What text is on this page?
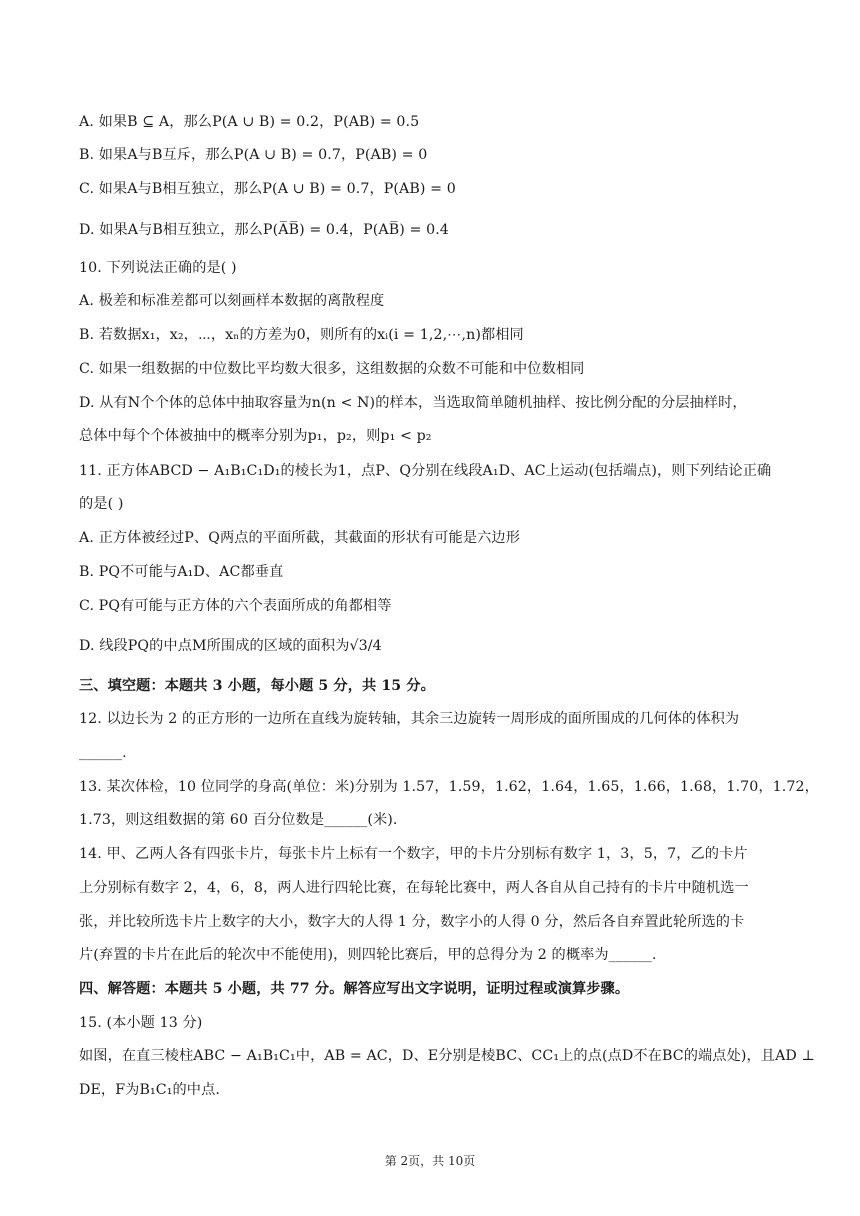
A. 如果B ⊆ A，那么P(A ∪ B) = 0.2，P(AB) = 0.5
B. 如果A与B互斥，那么P(A ∪ B) = 0.7，P(AB) = 0
C. 如果A与B相互独立，那么P(A ∪ B) = 0.7，P(AB) = 0
D. 如果A与B相互独立，那么P(A̅B̅) = 0.4，P(AB̅) = 0.4
10. 下列说法正确的是( )
A. 极差和标准差都可以刻画样本数据的离散程度
B. 若数据x₁，x₂，⋯，xₙ的方差为0，则所有的xᵢ(i = 1,2,⋯,n)都相同
C. 如果一组数据的中位数比平均数大很多，这组数据的众数不可能和中位数相同
D. 从有N个个体的总体中抽取容量为n(n < N)的样本，当选取简单随机抽样、按比例分配的分层抽样时，
总体中每个个体被抽中的概率分别为p₁，p₂，则p₁ < p₂
11. 正方体ABCD − A₁B₁C₁D₁的棱长为1，点P、Q分别在线段A₁D、AC上运动(包括端点)，则下列结论正确
的是( )
A. 正方体被经过P、Q两点的平面所截，其截面的形状有可能是六边形
B. PQ不可能与A₁D、AC都垂直
C. PQ有可能与正方体的六个表面所成的角都相等
D. 线段PQ的中点M所围成的区域的面积为√3/4
三、填空题：本题共 3 小题，每小题 5 分，共 15 分。
12. 以边长为 2 的正方形的一边所在直线为旋转轴，其余三边旋转一周形成的面所围成的几何体的体积为
______.
13. 某次体检，10 位同学的身高(单位：米)分别为 1.57，1.59，1.62，1.64，1.65，1.66，1.68，1.70，1.72，
1.73，则这组数据的第 60 百分位数是______(米).
14. 甲、乙两人各有四张卡片，每张卡片上标有一个数字，甲的卡片分别标有数字 1，3，5，7，乙的卡片
上分别标有数字 2，4，6，8，两人进行四轮比赛，在每轮比赛中，两人各自从自己持有的卡片中随机选一
张，并比较所选卡片上数字的大小，数字大的人得 1 分，数字小的人得 0 分，然后各自弃置此轮所选的卡
片(弃置的卡片在此后的轮次中不能使用)，则四轮比赛后，甲的总得分为 2 的概率为______.
四、解答题：本题共 5 小题，共 77 分。解答应写出文字说明，证明过程或演算步骤。
15. (本小题 13 分)
如图，在直三棱柱ABC − A₁B₁C₁中，AB = AC，D、E分别是棱BC、CC₁上的点(点D不在BC的端点处)，且AD ⊥
DE，F为B₁C₁的中点.
第 2页，共 10页
